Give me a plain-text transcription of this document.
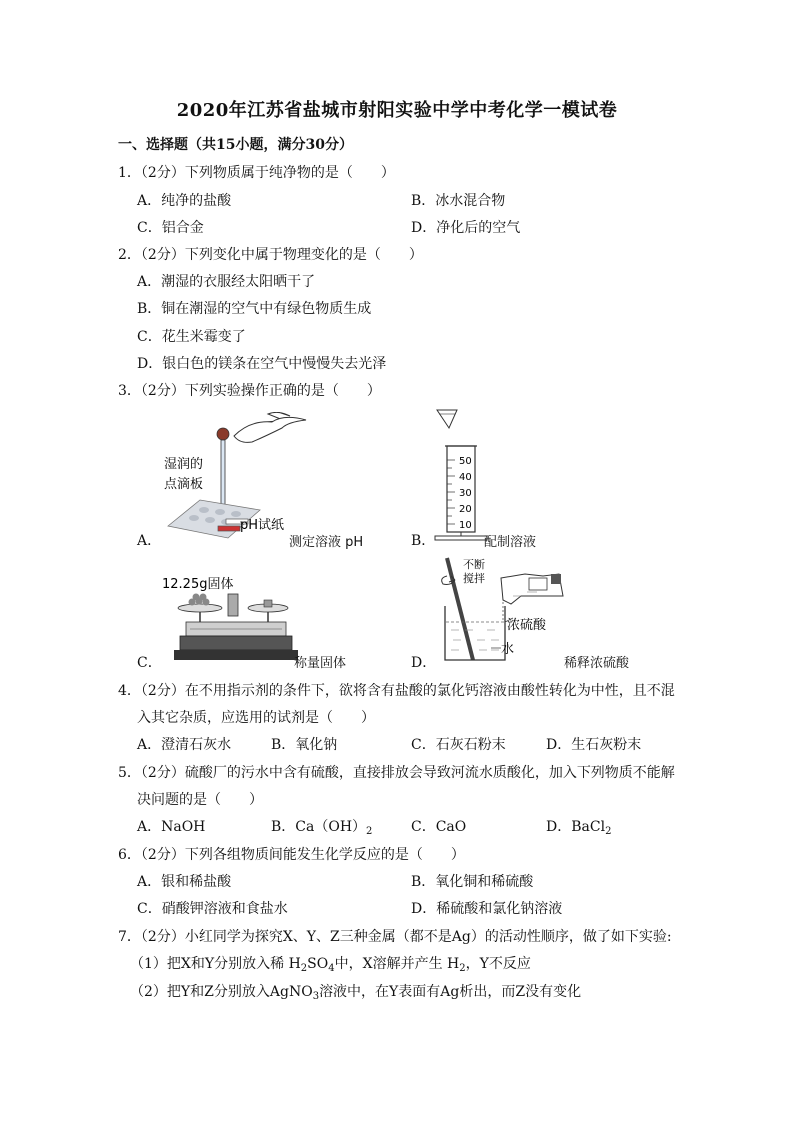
2020年江苏省盐城市射阳实验中学中考化学一模试卷
一、选择题（共15小题，满分30分）
1．（2分）下列物质属于纯净物的是（　　）
A．纯净的盐酸	B．冰水混合物
C．铝合金	D．净化后的空气
2．（2分）下列变化中属于物理变化的是（　　）
A．潮湿的衣服经太阳晒干了
B．铜在潮湿的空气中有绿色物质生成
C．花生米霉变了
D．银白色的镁条在空气中慢慢失去光泽
3．（2分）下列实验操作正确的是（　　）
湿润的
点滴板
pH试纸
A．	测定溶液 pH
50
40
30
20
10
B．	配制溶液
12.25g固体
C．	称量固体
不断
搅拌
浓硫酸
水
D．	稀释浓硫酸
4．（2分）在不用指示剂的条件下，欲将含有盐酸的氯化钙溶液由酸性转化为中性，且不混
入其它杂质，应选用的试剂是（　　）
A．澄清石灰水	B．氧化钠	C．石灰石粉末	D．生石灰粉末
5．（2分）硫酸厂的污水中含有硫酸，直接排放会导致河流水质酸化，加入下列物质不能解
决问题的是（　　）
A．NaOH	B．$Ca(OH)_2$	C．CaO	D．BaCl$_2$
6．（2分）下列各组物质间能发生化学反应的是（　　）
A．银和稀盐酸	B．氧化铜和稀硫酸
C．硝酸钾溶液和食盐水	D．稀硫酸和氯化钠溶液
7．（2分）小红同学为探究X、Y、Z三种金属（都不是Ag）的活动性顺序，做了如下实验:
（1）把X和Y分别放入稀 $H_2SO_4$中，X溶解并产生 $H_2$，Y不反应
（2）把Y和Z分别放入AgNO$_3$溶液中，在Y表面有Ag析出，而Z没有变化
